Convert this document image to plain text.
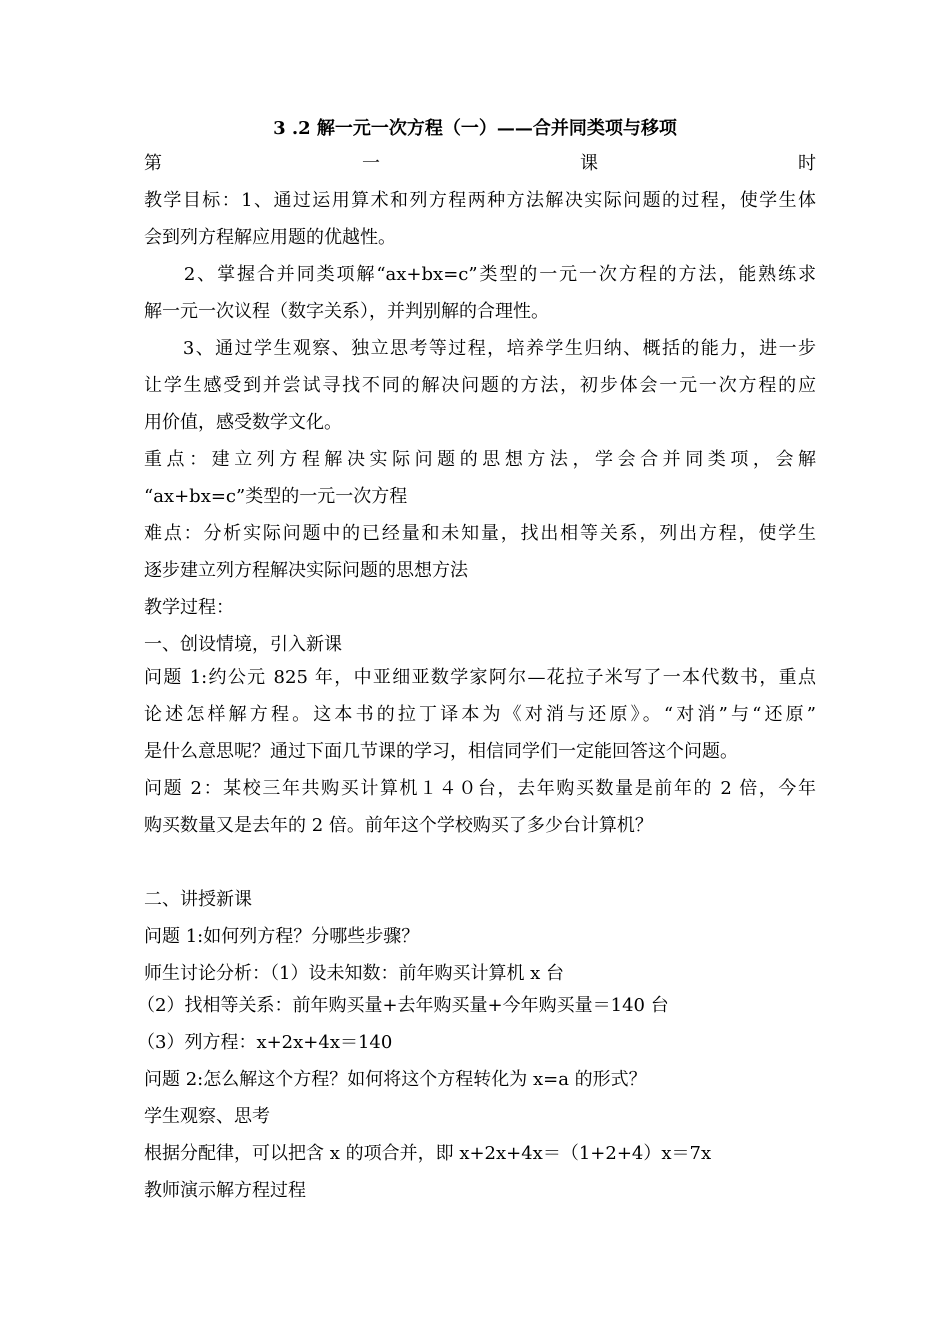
3 .2 解一元一次方程（一）——合并同类项与移项
第一课时
教学目标：1、通过运用算术和列方程两种方法解决实际问题的过程，使学生体
会到列方程解应用题的优越性。
　　2、掌握合并同类项解“ax+bx=c”类型的一元一次方程的方法，能熟练求
解一元一次议程（数字关系），并判别解的合理性。
　　3、通过学生观察、独立思考等过程，培养学生归纳、概括的能力，进一步
让学生感受到并尝试寻找不同的解决问题的方法，初步体会一元一次方程的应
用价值，感受数学文化。
重点：建立列方程解决实际问题的思想方法，学会合并同类项，会解
“ax+bx=c”类型的一元一次方程
难点：分析实际问题中的已经量和未知量，找出相等关系，列出方程，使学生
逐步建立列方程解决实际问题的思想方法
教学过程：
一、创设情境，引入新课
问题 1:约公元 825 年，中亚细亚数学家阿尔—花拉子米写了一本代数书，重点
论述怎样解方程。这本书的拉丁译本为《对消与还原》。“对消”与“还原”
是什么意思呢？通过下面几节课的学习，相信同学们一定能回答这个问题。
问题 2：某校三年共购买计算机１４０台，去年购买数量是前年的 2 倍，今年
购买数量又是去年的 2 倍。前年这个学校购买了多少台计算机？
二、讲授新课
问题 1:如何列方程？分哪些步骤？
师生讨论分析：（1）设未知数：前年购买计算机 x 台
（2）找相等关系：前年购买量+去年购买量+今年购买量＝140 台
（3）列方程：x+2x+4x＝140
问题 2:怎么解这个方程？如何将这个方程转化为 x=a 的形式？
学生观察、思考
根据分配律，可以把含 x 的项合并，即 x+2x+4x＝（1+2+4）x＝7x
教师演示解方程过程
